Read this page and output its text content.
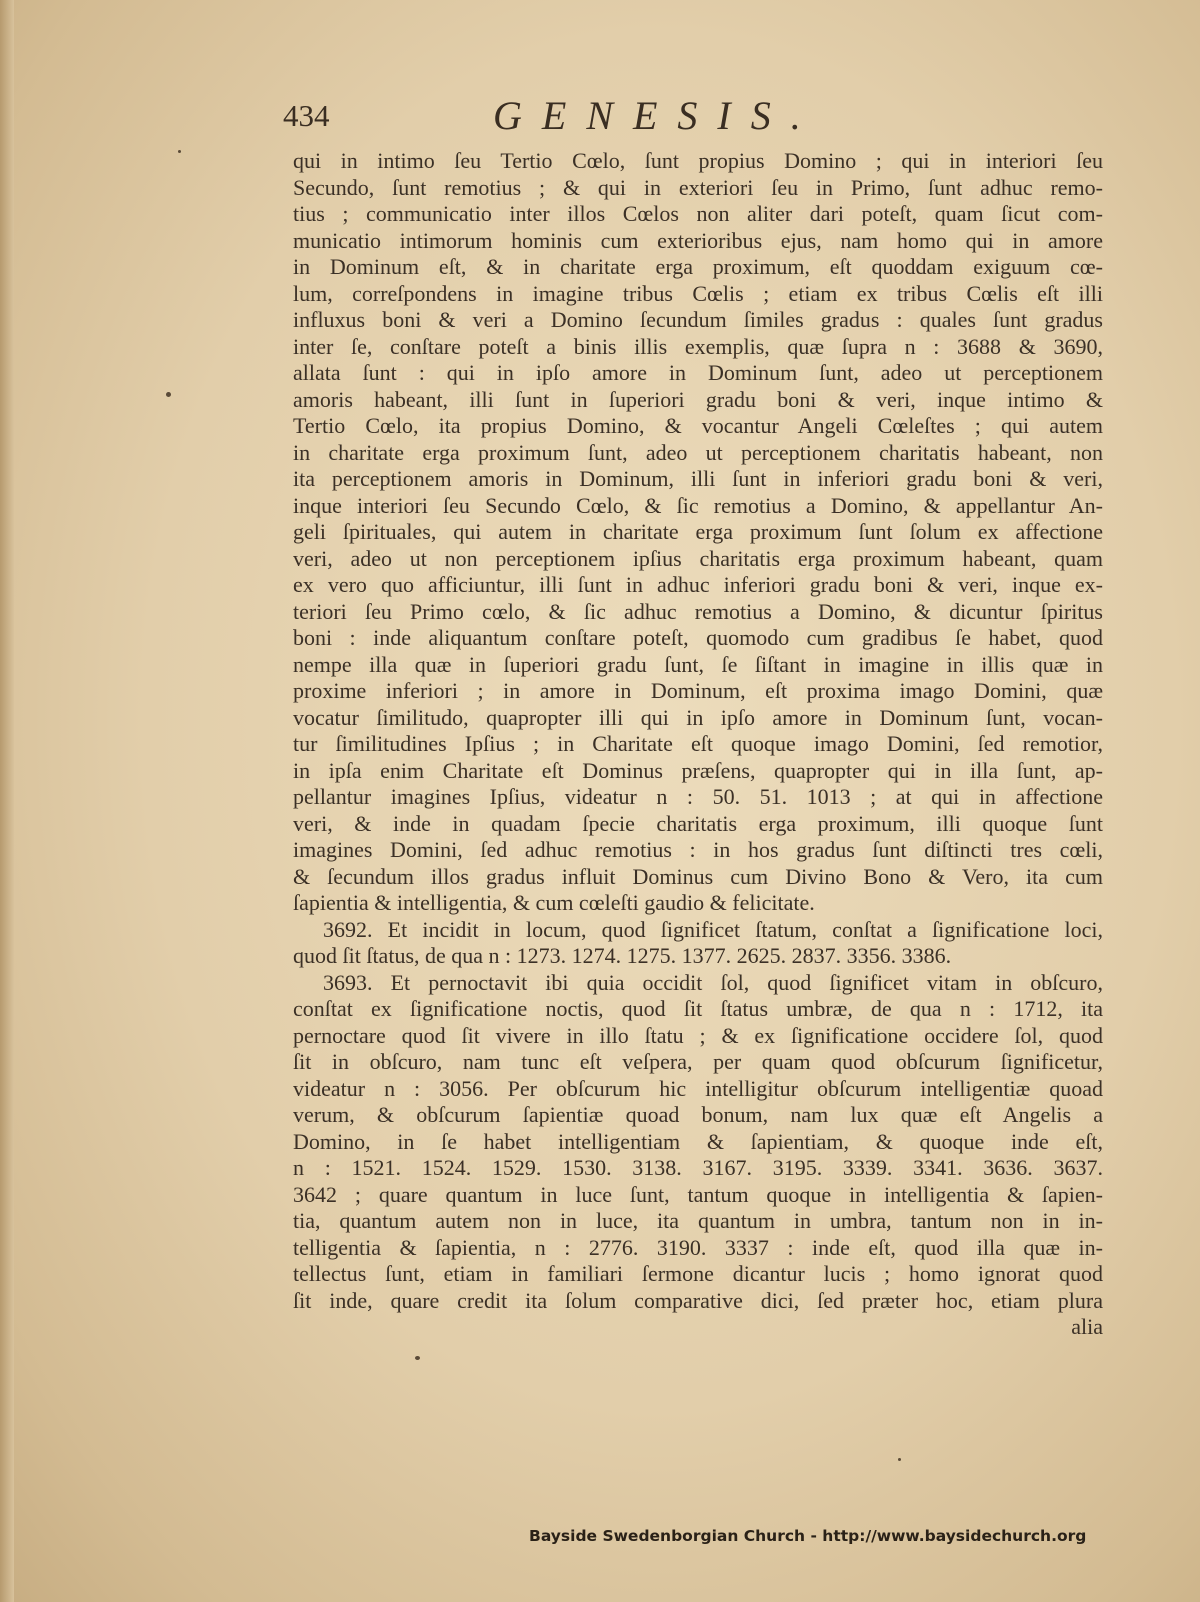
434	GENESIS.
qui in intimo ſeu Tertio Cœlo, ſunt propius Domino ; qui in interiori ſeu
Secundo, ſunt remotius ; & qui in exteriori ſeu in Primo, ſunt adhuc remo-
tius ; communicatio inter illos Cœlos non aliter dari poteſt, quam ſicut com-
municatio intimorum hominis cum exterioribus ejus, nam homo qui in amore
in Dominum eſt, & in charitate erga proximum, eſt quoddam exiguum cœ-
lum, correſpondens in imagine tribus Cœlis ; etiam ex tribus Cœlis eſt illi
influxus boni & veri a Domino ſecundum ſimiles gradus : quales ſunt gradus
inter ſe, conſtare poteſt a binis illis exemplis, quæ ſupra n : 3688 & 3690,
allata ſunt : qui in ipſo amore in Dominum ſunt, adeo ut perceptionem
amoris habeant, illi ſunt in ſuperiori gradu boni & veri, inque intimo &
Tertio Cœlo, ita propius Domino, & vocantur Angeli Cœleſtes ; qui autem
in charitate erga proximum ſunt, adeo ut perceptionem charitatis habeant, non
ita perceptionem amoris in Dominum, illi ſunt in inferiori gradu boni & veri,
inque interiori ſeu Secundo Cœlo, & ſic remotius a Domino, & appellantur An-
geli ſpirituales, qui autem in charitate erga proximum ſunt ſolum ex affectione
veri, adeo ut non perceptionem ipſius charitatis erga proximum habeant, quam
ex vero quo afficiuntur, illi ſunt in adhuc inferiori gradu boni & veri, inque ex-
teriori ſeu Primo cœlo, & ſic adhuc remotius a Domino, & dicuntur ſpiritus
boni : inde aliquantum conſtare poteſt, quomodo cum gradibus ſe habet, quod
nempe illa quæ in ſuperiori gradu ſunt, ſe ſiſtant in imagine in illis quæ in
proxime inferiori ; in amore in Dominum, eſt proxima imago Domini, quæ
vocatur ſimilitudo, quapropter illi qui in ipſo amore in Dominum ſunt, vocan-
tur ſimilitudines Ipſius ; in Charitate eſt quoque imago Domini, ſed remotior,
in ipſa enim Charitate eſt Dominus præſens, quapropter qui in illa ſunt, ap-
pellantur imagines Ipſius, videatur n : 50. 51. 1013 ; at qui in affectione
veri, & inde in quadam ſpecie charitatis erga proximum, illi quoque ſunt
imagines Domini, ſed adhuc remotius : in hos gradus ſunt diſtincti tres cœli,
& ſecundum illos gradus influit Dominus cum Divino Bono & Vero, ita cum
ſapientia & intelligentia, & cum cœleſti gaudio & felicitate.
3692. Et incidit in locum, quod ſignificet ſtatum, conſtat a ſignificatione loci,
quod ſit ſtatus, de qua n : 1273. 1274. 1275. 1377. 2625. 2837. 3356. 3386.
3693. Et pernoctavit ibi quia occidit ſol, quod ſignificet vitam in obſcuro,
conſtat ex ſignificatione noctis, quod ſit ſtatus umbræ, de qua n : 1712, ita
pernoctare quod ſit vivere in illo ſtatu ; & ex ſignificatione occidere ſol, quod
ſit in obſcuro, nam tunc eſt veſpera, per quam quod obſcurum ſignificetur,
videatur n : 3056. Per obſcurum hic intelligitur obſcurum intelligentiæ quoad
verum, & obſcurum ſapientiæ quoad bonum, nam lux quæ eſt Angelis a
Domino, in ſe habet intelligentiam & ſapientiam, & quoque inde eſt,
n : 1521. 1524. 1529. 1530. 3138. 3167. 3195. 3339. 3341. 3636. 3637.
3642 ; quare quantum in luce ſunt, tantum quoque in intelligentia & ſapien-
tia, quantum autem non in luce, ita quantum in umbra, tantum non in in-
telligentia & ſapientia, n : 2776. 3190. 3337 : inde eſt, quod illa quæ in-
tellectus ſunt, etiam in familiari ſermone dicantur lucis ; homo ignorat quod
ſit inde, quare credit ita ſolum comparative dici, ſed præter hoc, etiam plura
alia
Bayside Swedenborgian Church - http://www.baysidechurch.org
